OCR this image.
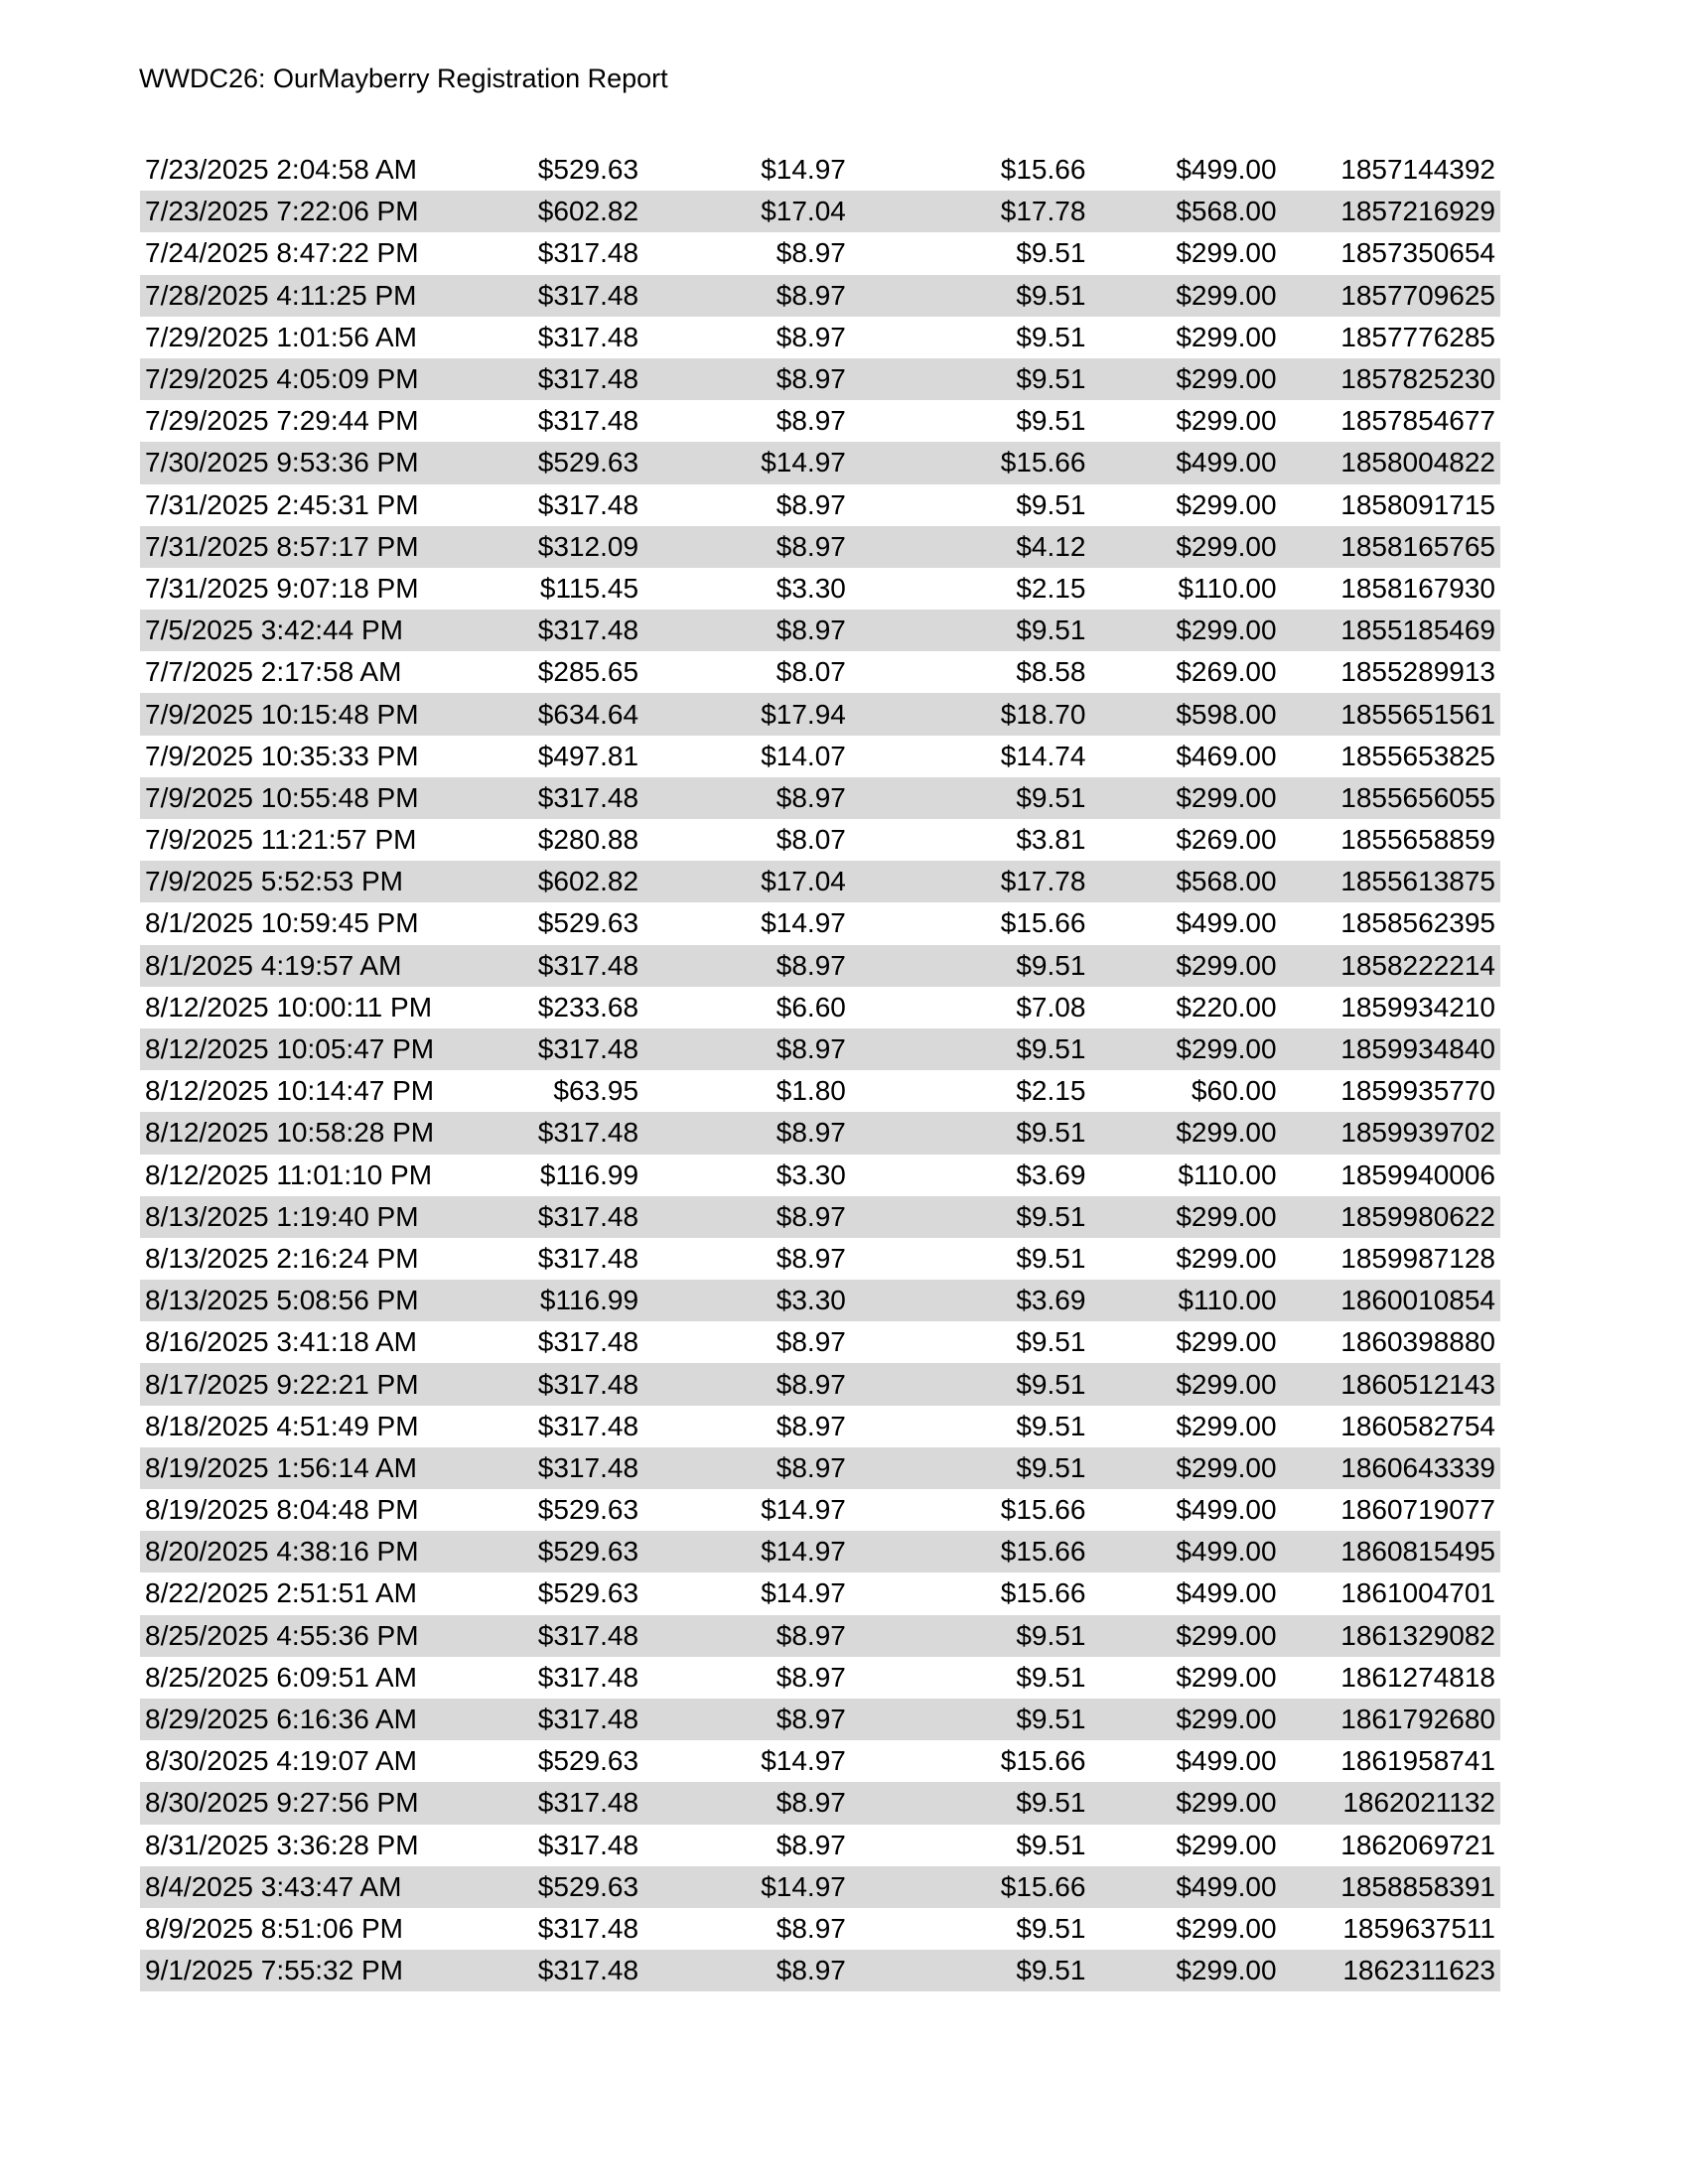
WWDC26: OurMayberry Registration Report
7/23/2025 2:04:58 AM	$529.63	$14.97	$15.66	$499.00	1857144392
7/23/2025 7:22:06 PM	$602.82	$17.04	$17.78	$568.00	1857216929
7/24/2025 8:47:22 PM	$317.48	$8.97	$9.51	$299.00	1857350654
7/28/2025 4:11:25 PM	$317.48	$8.97	$9.51	$299.00	1857709625
7/29/2025 1:01:56 AM	$317.48	$8.97	$9.51	$299.00	1857776285
7/29/2025 4:05:09 PM	$317.48	$8.97	$9.51	$299.00	1857825230
7/29/2025 7:29:44 PM	$317.48	$8.97	$9.51	$299.00	1857854677
7/30/2025 9:53:36 PM	$529.63	$14.97	$15.66	$499.00	1858004822
7/31/2025 2:45:31 PM	$317.48	$8.97	$9.51	$299.00	1858091715
7/31/2025 8:57:17 PM	$312.09	$8.97	$4.12	$299.00	1858165765
7/31/2025 9:07:18 PM	$115.45	$3.30	$2.15	$110.00	1858167930
7/5/2025 3:42:44 PM	$317.48	$8.97	$9.51	$299.00	1855185469
7/7/2025 2:17:58 AM	$285.65	$8.07	$8.58	$269.00	1855289913
7/9/2025 10:15:48 PM	$634.64	$17.94	$18.70	$598.00	1855651561
7/9/2025 10:35:33 PM	$497.81	$14.07	$14.74	$469.00	1855653825
7/9/2025 10:55:48 PM	$317.48	$8.97	$9.51	$299.00	1855656055
7/9/2025 11:21:57 PM	$280.88	$8.07	$3.81	$269.00	1855658859
7/9/2025 5:52:53 PM	$602.82	$17.04	$17.78	$568.00	1855613875
8/1/2025 10:59:45 PM	$529.63	$14.97	$15.66	$499.00	1858562395
8/1/2025 4:19:57 AM	$317.48	$8.97	$9.51	$299.00	1858222214
8/12/2025 10:00:11 PM	$233.68	$6.60	$7.08	$220.00	1859934210
8/12/2025 10:05:47 PM	$317.48	$8.97	$9.51	$299.00	1859934840
8/12/2025 10:14:47 PM	$63.95	$1.80	$2.15	$60.00	1859935770
8/12/2025 10:58:28 PM	$317.48	$8.97	$9.51	$299.00	1859939702
8/12/2025 11:01:10 PM	$116.99	$3.30	$3.69	$110.00	1859940006
8/13/2025 1:19:40 PM	$317.48	$8.97	$9.51	$299.00	1859980622
8/13/2025 2:16:24 PM	$317.48	$8.97	$9.51	$299.00	1859987128
8/13/2025 5:08:56 PM	$116.99	$3.30	$3.69	$110.00	1860010854
8/16/2025 3:41:18 AM	$317.48	$8.97	$9.51	$299.00	1860398880
8/17/2025 9:22:21 PM	$317.48	$8.97	$9.51	$299.00	1860512143
8/18/2025 4:51:49 PM	$317.48	$8.97	$9.51	$299.00	1860582754
8/19/2025 1:56:14 AM	$317.48	$8.97	$9.51	$299.00	1860643339
8/19/2025 8:04:48 PM	$529.63	$14.97	$15.66	$499.00	1860719077
8/20/2025 4:38:16 PM	$529.63	$14.97	$15.66	$499.00	1860815495
8/22/2025 2:51:51 AM	$529.63	$14.97	$15.66	$499.00	1861004701
8/25/2025 4:55:36 PM	$317.48	$8.97	$9.51	$299.00	1861329082
8/25/2025 6:09:51 AM	$317.48	$8.97	$9.51	$299.00	1861274818
8/29/2025 6:16:36 AM	$317.48	$8.97	$9.51	$299.00	1861792680
8/30/2025 4:19:07 AM	$529.63	$14.97	$15.66	$499.00	1861958741
8/30/2025 9:27:56 PM	$317.48	$8.97	$9.51	$299.00	1862021132
8/31/2025 3:36:28 PM	$317.48	$8.97	$9.51	$299.00	1862069721
8/4/2025 3:43:47 AM	$529.63	$14.97	$15.66	$499.00	1858858391
8/9/2025 8:51:06 PM	$317.48	$8.97	$9.51	$299.00	1859637511
9/1/2025 7:55:32 PM	$317.48	$8.97	$9.51	$299.00	1862311623
